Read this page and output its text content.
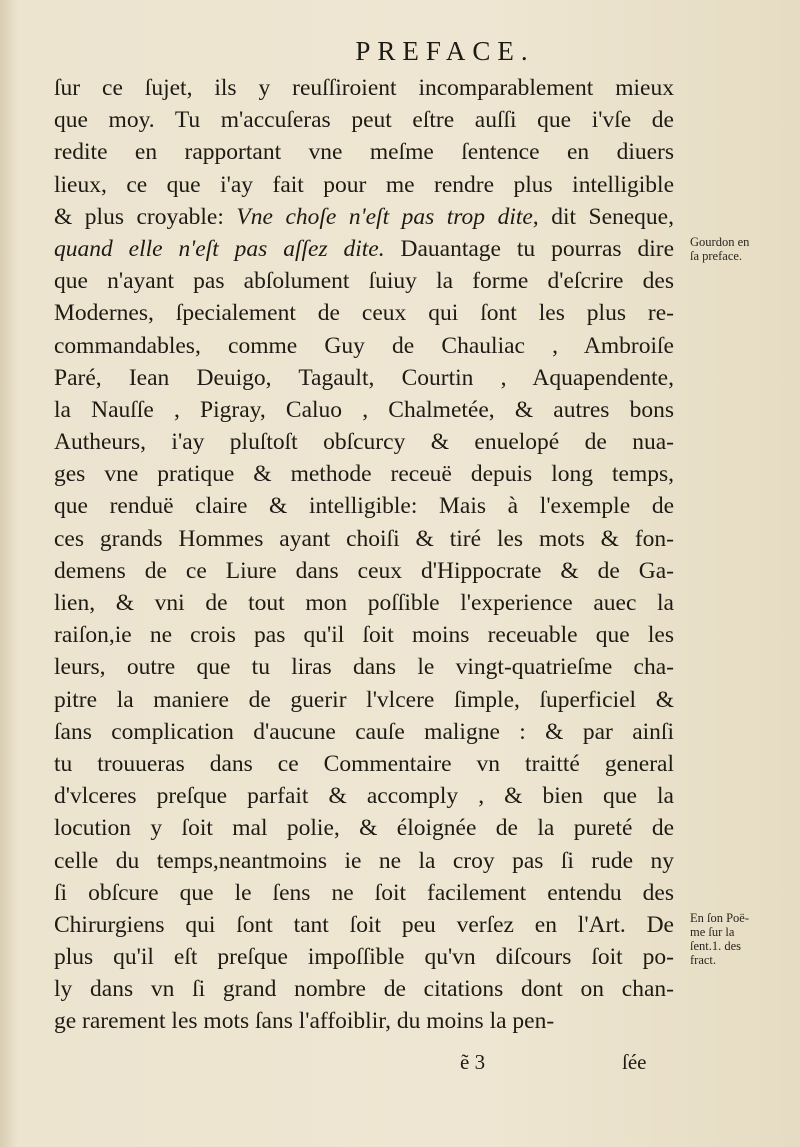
PREFACE.
ſur ce ſujet, ils y reuſſiroient incomparablement mieux
que moy. Tu m'accuſeras peut eſtre auſſi que i'vſe de
redite en rapportant vne meſme ſentence en diuers
lieux, ce que i'ay fait pour me rendre plus intelligible
& plus croyable: Vne choſe n'eſt pas trop dite, dit Seneque,
quand elle n'eſt pas aſſez dite. Dauantage tu pourras dire
que n'ayant pas abſolument ſuiuy la forme d'eſcrire des
Modernes, ſpecialement de ceux qui ſont les plus re-
commandables, comme Guy de Chauliac , Ambroiſe
Paré, Iean Deuigo, Tagault, Courtin , Aquapendente,
la Nauſſe , Pigray, Caluo , Chalmetée, & autres bons
Autheurs, i'ay pluſtoſt obſcurcy & enuelopé de nua-
ges vne pratique & methode receuë depuis long temps,
que renduë claire & intelligible: Mais à l'exemple de
ces grands Hommes ayant choiſi & tiré les mots & fon-
demens de ce Liure dans ceux d'Hippocrate & de Ga-
lien, & vni de tout mon poſſible l'experience auec la
raiſon,ie ne crois pas qu'il ſoit moins receuable que les
leurs, outre que tu liras dans le vingt-quatrieſme cha-
pitre la maniere de guerir l'vlcere ſimple, ſuperficiel &
ſans complication d'aucune cauſe maligne : & par ainſi
tu trouueras dans ce Commentaire vn traitté general
d'vlceres preſque parfait & accomply , & bien que la
locution y ſoit mal polie, & éloignée de la pureté de
celle du temps,neantmoins ie ne la croy pas ſi rude ny
ſi obſcure que le ſens ne ſoit facilement entendu des
Chirurgiens qui ſont tant ſoit peu verſez en l'Art. De
plus qu'il eſt preſque impoſſible qu'vn diſcours ſoit po-
ly dans vn ſi grand nombre de citations dont on chan-
ge rarement les mots ſans l'affoiblir, du moins la pen-
Gourdon en
ſa preface.
En ſon Poë-
me ſur la
ſent.1. des
fract.
ẽ 3	ſée
